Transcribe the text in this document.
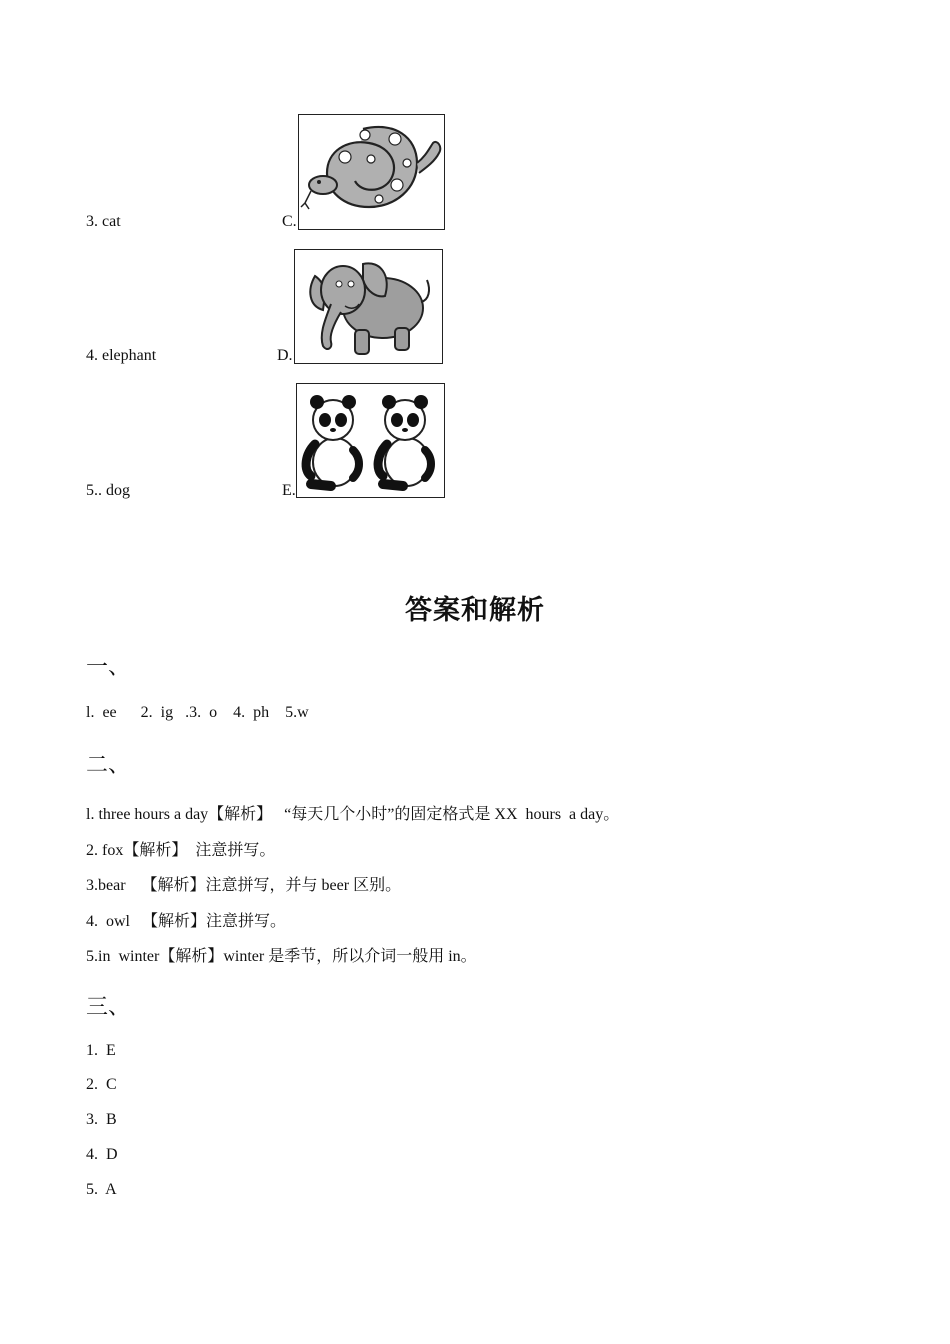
3. cat	C.
4. elephant	D.
5.. dog	E.
答案和解析
一、
l.  ee      2.  ig   .3.  o    4.  ph    5.w
二、
l. three hours a day【解析】   “每天几个小时”的固定格式是 XX  hours  a day。
2. fox【解析】  注意拼写。
3.bear    【解析】注意拼写，并与 beer 区别。
4.  owl   【解析】注意拼写。
5.in  winter【解析】winter 是季节，所以介词一般用 in。
三、
1.  E
2.  C
3.  B
4.  D
5.  A
